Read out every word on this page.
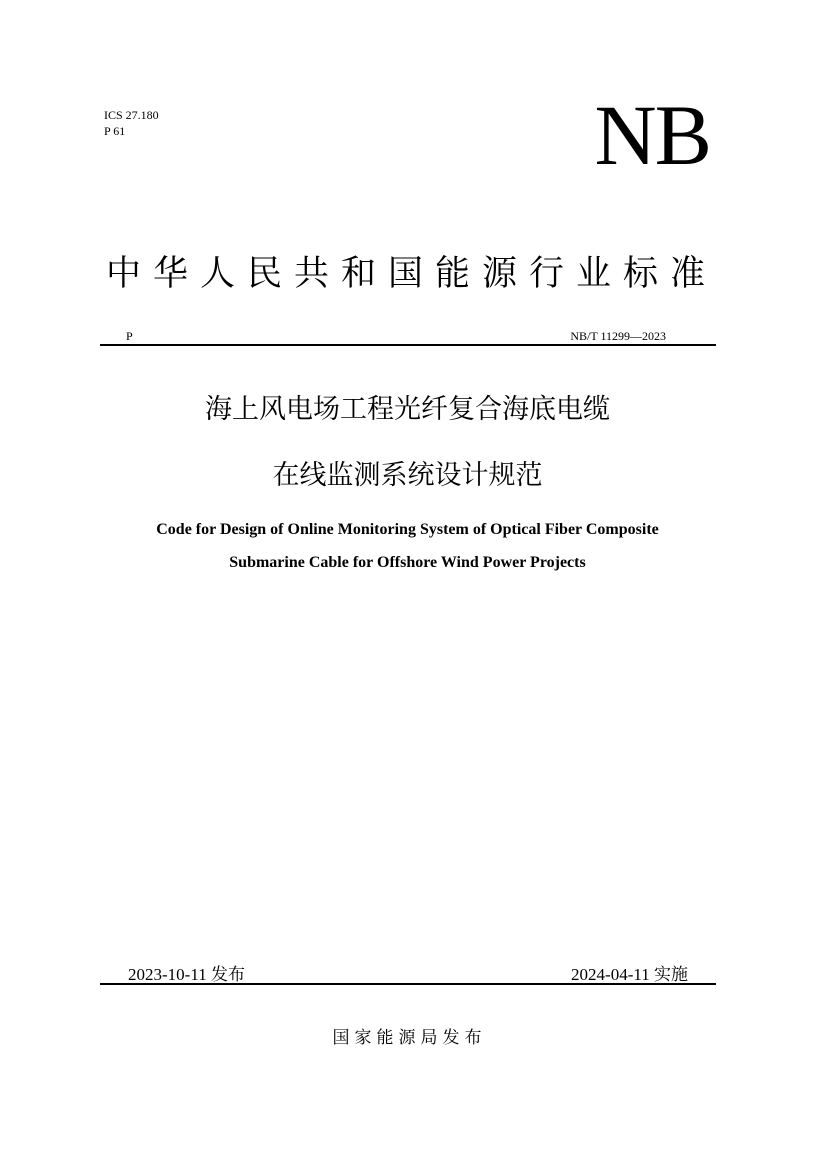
ICS 27.180
P 61	NB
中华人民共和国能源行业标准
P	NB/T 11299—2023
海上风电场工程光纤复合海底电缆
在线监测系统设计规范
Code for Design of Online Monitoring System of Optical Fiber Composite
Submarine Cable for Offshore Wind Power Projects
2023-10-11 发布	2024-04-11 实施
国家能源局发布
